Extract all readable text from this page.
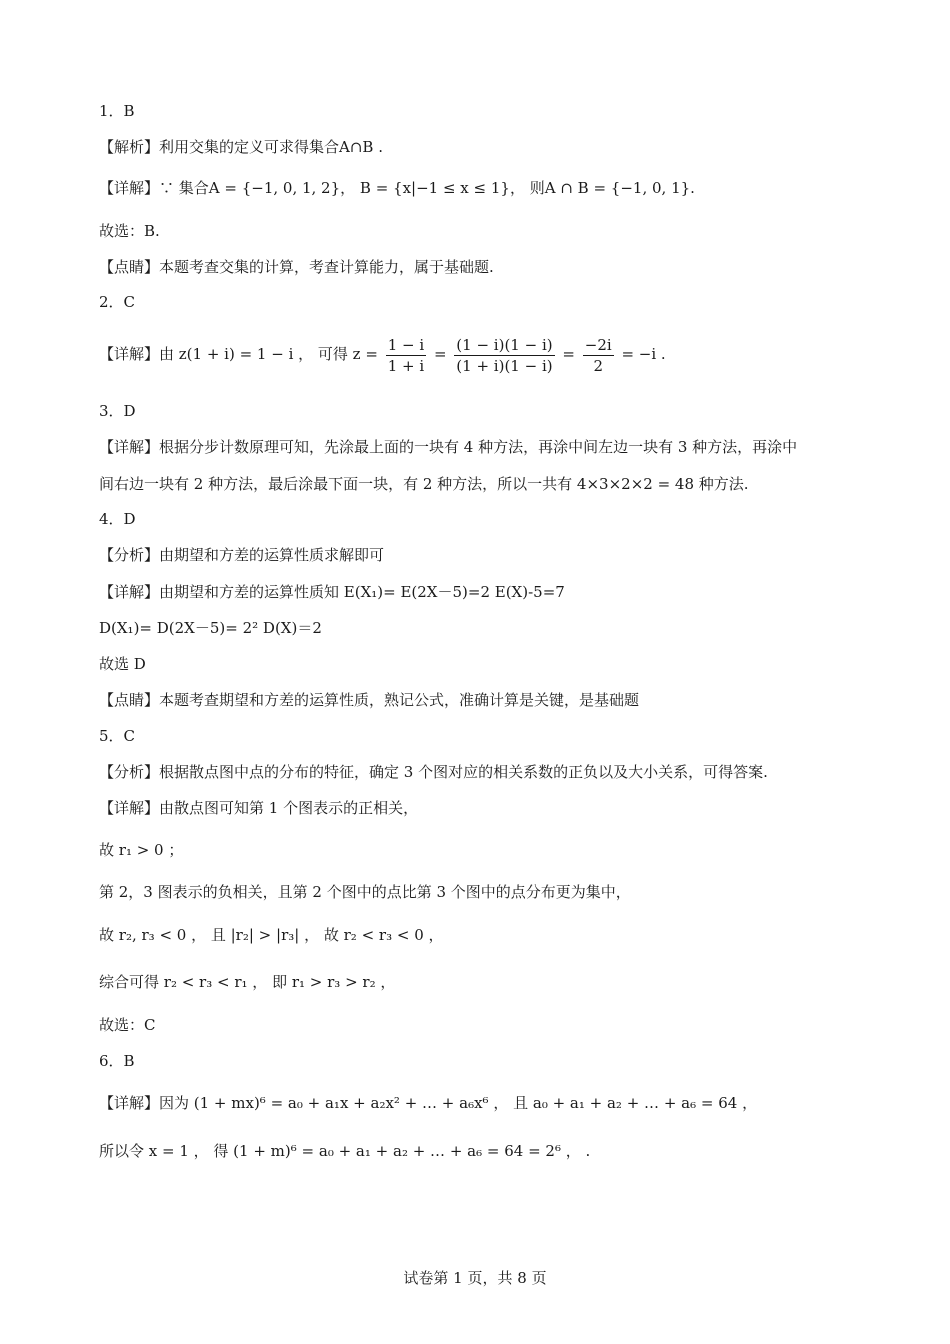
1．B
【解析】利用交集的定义可求得集合A∩B .
【详解】∵ 集合A = {−1, 0, 1, 2}， B = {x|−1 ≤ x ≤ 1}， 则A ∩ B = {−1, 0, 1}.
故选：B.
【点睛】本题考查交集的计算，考查计算能力，属于基础题.
2．C
【详解】由 z(1 + i) = 1 − i ， 可得 $z = \frac{1 - i}{1 + i} = \frac{(1 - i)(1 - i)}{(1 + i)(1 - i)} = \frac{-2i}{2} = -i$ .
3．D
【详解】根据分步计数原理可知，先涂最上面的一块有 4 种方法，再涂中间左边一块有 3 种方法，再涂中
间右边一块有 2 种方法，最后涂最下面一块，有 2 种方法，所以一共有 4×3×2×2 = 48 种方法.
4．D
【分析】由期望和方差的运算性质求解即可
【详解】由期望和方差的运算性质知 E(X₁)= E(2X－5)=2 E(X)-5=7
D(X₁)= D(2X－5)= 2² D(X)＝2
故选 D
【点睛】本题考查期望和方差的运算性质，熟记公式，准确计算是关键，是基础题
5．C
【分析】根据散点图中点的分布的特征，确定 3 个图对应的相关系数的正负以及大小关系，可得答案.
【详解】由散点图可知第 1 个图表示的正相关，
故 r₁ > 0 ；
第 2，3 图表示的负相关，且第 2 个图中的点比第 3 个图中的点分布更为集中，
故 r₂, r₃ < 0 ， 且 |r₂| > |r₃| ， 故 r₂ < r₃ < 0 ，
综合可得 r₂ < r₃ < r₁ ， 即 r₁ > r₃ > r₂ ，
故选：C
6．B
【详解】因为 (1 + mx)⁶ = a₀ + a₁x + a₂x² + … + a₆x⁶ ， 且 a₀ + a₁ + a₂ + … + a₆ = 64 ，
所以令 x = 1 ， 得 (1 + m)⁶ = a₀ + a₁ + a₂ + … + a₆ = 64 = 2⁶ ， .
试卷第 1 页，共 8 页
